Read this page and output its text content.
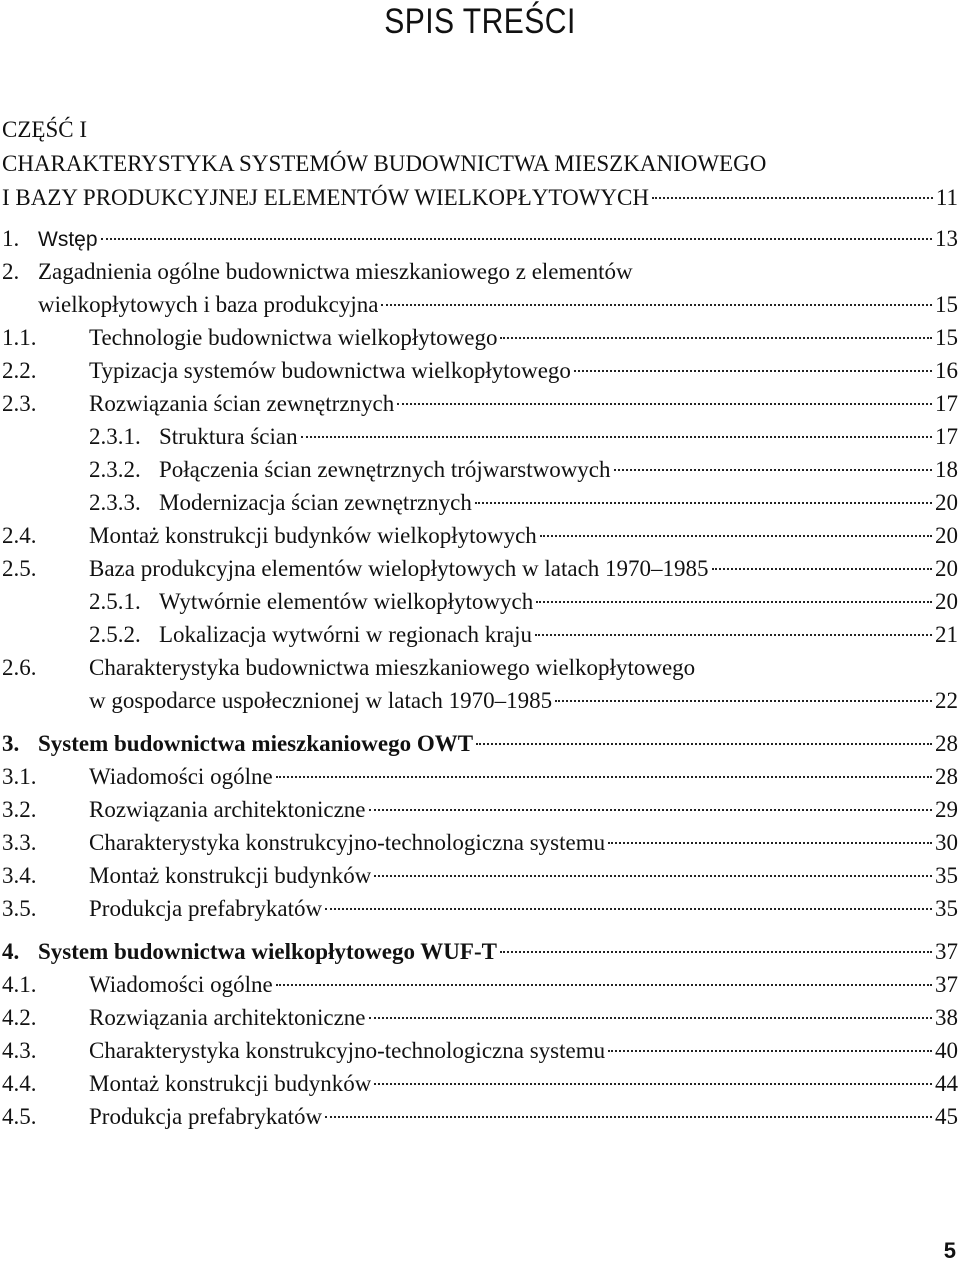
SPIS TREŚCI
CZĘŚĆ I
CHARAKTERYSTYKA SYSTEMÓW BUDOWNICTWA MIESZKANIOWEGO
I BAZY PRODUKCYJNEJ ELEMENTÓW WIELKOPŁYTOWYCH	11
1. Wstęp	13
2. Zagadnienia ogólne budownictwa mieszkaniowego z elementów
wielkopłytowych i baza produkcyjna	15
1.1.	Technologie budownictwa wielkopłytowego	15
2.2.	Typizacja systemów budownictwa wielkopłytowego	16
2.3.	Rozwiązania ścian zewnętrznych	17
2.3.1. Struktura ścian	17
2.3.2. Połączenia ścian zewnętrznych trójwarstwowych	18
2.3.3. Modernizacja ścian zewnętrznych	20
2.4.	Montaż konstrukcji budynków wielkopłytowych	20
2.5.	Baza produkcyjna elementów wielopłytowych w latach 1970–1985	20
2.5.1. Wytwórnie elementów wielkopłytowych	20
2.5.2. Lokalizacja wytwórni w regionach kraju	21
2.6.	Charakterystyka budownictwa mieszkaniowego wielkopłytowego
w gospodarce uspołecznionej w latach 1970–1985	22
3. System budownictwa mieszkaniowego OWT	28
3.1.	Wiadomości ogólne	28
3.2.	Rozwiązania architektoniczne	29
3.3.	Charakterystyka konstrukcyjno-technologiczna systemu	30
3.4.	Montaż konstrukcji budynków	35
3.5.	Produkcja prefabrykatów	35
4. System budownictwa wielkopłytowego WUF-T	37
4.1.	Wiadomości ogólne	37
4.2.	Rozwiązania architektoniczne	38
4.3.	Charakterystyka konstrukcyjno-technologiczna systemu	40
4.4.	Montaż konstrukcji budynków	44
4.5.	Produkcja prefabrykatów	45
5
